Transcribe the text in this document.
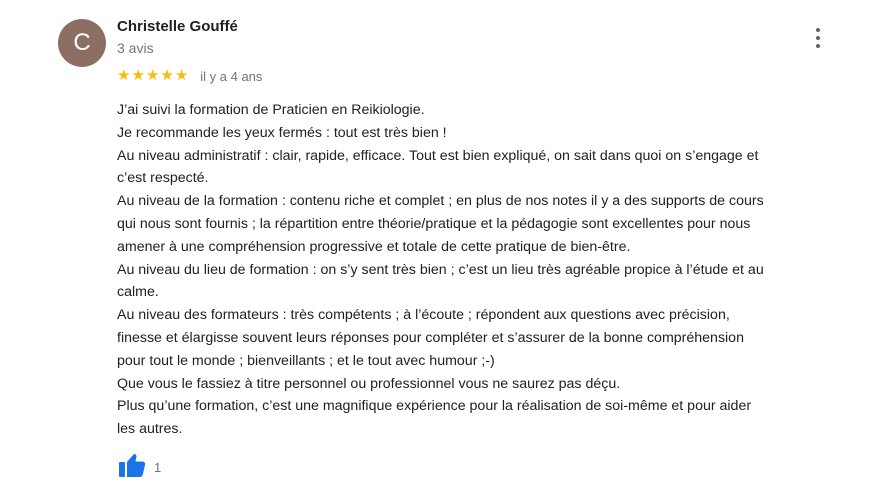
C
Christelle Gouffé
3 avis
★ ★ ★ ★ ★ il y a 4 ans
J’ai suivi la formation de Praticien en Reikiologie.
Je recommande les yeux fermés : tout est très bien !
Au niveau administratif : clair, rapide, efficace. Tout est bien expliqué, on sait dans quoi on s’engage et
c’est respecté.
Au niveau de la formation : contenu riche et complet ; en plus de nos notes il y a des supports de cours
qui nous sont fournis ; la répartition entre théorie/pratique et la pédagogie sont excellentes pour nous
amener à une compréhension progressive et totale de cette pratique de bien-être.
Au niveau du lieu de formation : on s’y sent très bien ; c’est un lieu très agréable propice à l’étude et au
calme.
Au niveau des formateurs : très compétents ; à l’écoute ; répondent aux questions avec précision,
finesse et élargisse souvent leurs réponses pour compléter et s’assurer de la bonne compréhension
pour tout le monde ; bienveillants ; et le tout avec humour ;-)
Que vous le fassiez à titre personnel ou professionnel vous ne saurez pas déçu.
Plus qu’une formation, c’est une magnifique expérience pour la réalisation de soi-même et pour aider
les autres.
1
